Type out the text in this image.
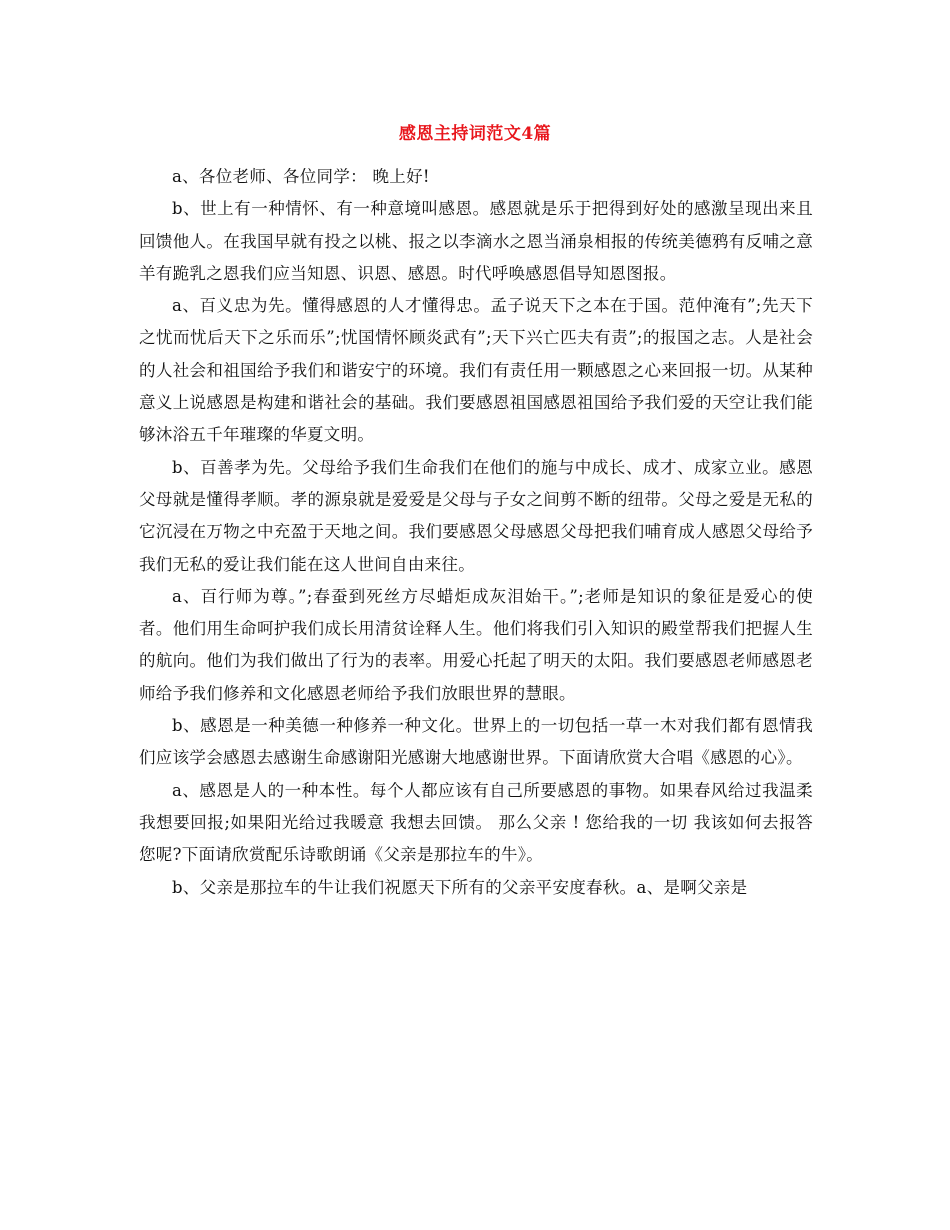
感恩主持词范文4篇

a、各位老师、各位同学： 晚上好!

b、世上有一种情怀、有一种意境叫感恩。感恩就是乐于把得到好处的感激呈现出来且回馈他人。在我国早就有投之以桃、报之以李滴水之恩当涌泉相报的传统美德鸦有反哺之意羊有跪乳之恩我们应当知恩、识恩、感恩。时代呼唤感恩倡导知恩图报。

a、百义忠为先。懂得感恩的人才懂得忠。孟子说天下之本在于国。范仲淹有”;先天下之忧而忧后天下之乐而乐”;忧国情怀顾炎武有”;天下兴亡匹夫有责”;的报国之志。人是社会的人社会和祖国给予我们和谐安宁的环境。我们有责任用一颗感恩之心来回报一切。从某种意义上说感恩是构建和谐社会的基础。我们要感恩祖国感恩祖国给予我们爱的天空让我们能够沐浴五千年璀璨的华夏文明。

b、百善孝为先。父母给予我们生命我们在他们的施与中成长、成才、成家立业。感恩父母就是懂得孝顺。孝的源泉就是爱爱是父母与子女之间剪不断的纽带。父母之爱是无私的它沉浸在万物之中充盈于天地之间。我们要感恩父母感恩父母把我们哺育成人感恩父母给予我们无私的爱让我们能在这人世间自由来往。

a、百行师为尊。”;春蚕到死丝方尽蜡炬成灰泪始干。”;老师是知识的象征是爱心的使者。他们用生命呵护我们成长用清贫诠释人生。他们将我们引入知识的殿堂帮我们把握人生的航向。他们为我们做出了行为的表率。用爱心托起了明天的太阳。我们要感恩老师感恩老师给予我们修养和文化感恩老师给予我们放眼世界的慧眼。

b、感恩是一种美德一种修养一种文化。世界上的一切包括一草一木对我们都有恩情我们应该学会感恩去感谢生命感谢阳光感谢大地感谢世界。下面请欣赏大合唱《感恩的心》。

a、感恩是人的一种本性。每个人都应该有自己所要感恩的事物。如果春风给过我温柔我想要回报;如果阳光给过我暖意 我想去回馈。 那么父亲 ! 您给我的一切 我该如何去报答您呢?下面请欣赏配乐诗歌朗诵《父亲是那拉车的牛》。

b、父亲是那拉车的牛让我们祝愿天下所有的父亲平安度春秋。a、是啊父亲是
